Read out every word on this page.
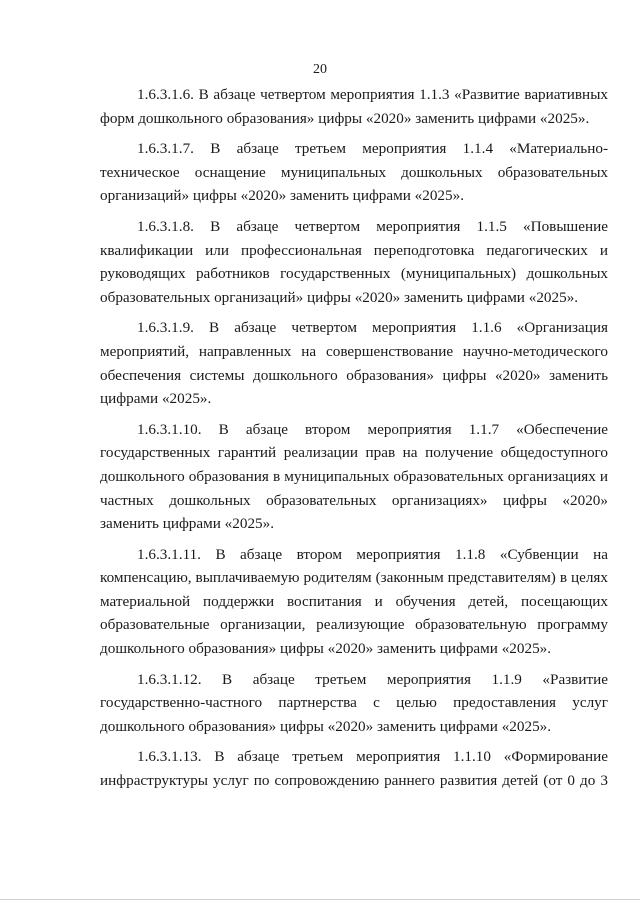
20

1.6.3.1.6. В абзаце четвертом мероприятия 1.1.3 «Развитие вариативных форм дошкольного образования» цифры «2020» заменить цифрами «2025».

1.6.3.1.7. В абзаце третьем мероприятия 1.1.4 «Материально-техническое оснащение муниципальных дошкольных образовательных организаций» цифры «2020» заменить цифрами «2025».

1.6.3.1.8. В абзаце четвертом мероприятия 1.1.5 «Повышение квалификации или профессиональная переподготовка педагогических и руководящих работников государственных (муниципальных) дошкольных образовательных организаций» цифры «2020» заменить цифрами «2025».

1.6.3.1.9. В абзаце четвертом мероприятия 1.1.6 «Организация мероприятий, направленных на совершенствование научно-методического обеспечения системы дошкольного образования» цифры «2020» заменить цифрами «2025».

1.6.3.1.10. В абзаце втором мероприятия 1.1.7 «Обеспечение государственных гарантий реализации прав на получение общедоступного дошкольного образования в муниципальных образовательных организациях и частных дошкольных образовательных организациях» цифры «2020» заменить цифрами «2025».

1.6.3.1.11. В абзаце втором мероприятия 1.1.8 «Субвенции на компенсацию, выплачиваемую родителям (законным представителям) в целях материальной поддержки воспитания и обучения детей, посещающих образовательные организации, реализующие образовательную программу дошкольного образования» цифры «2020» заменить цифрами «2025».

1.6.3.1.12. В абзаце третьем мероприятия 1.1.9 «Развитие государственно-частного партнерства с целью предоставления услуг дошкольного образования» цифры «2020» заменить цифрами «2025».

1.6.3.1.13. В абзаце третьем мероприятия 1.1.10 «Формирование инфраструктуры услуг по сопровождению раннего развития детей (от 0 до 3
